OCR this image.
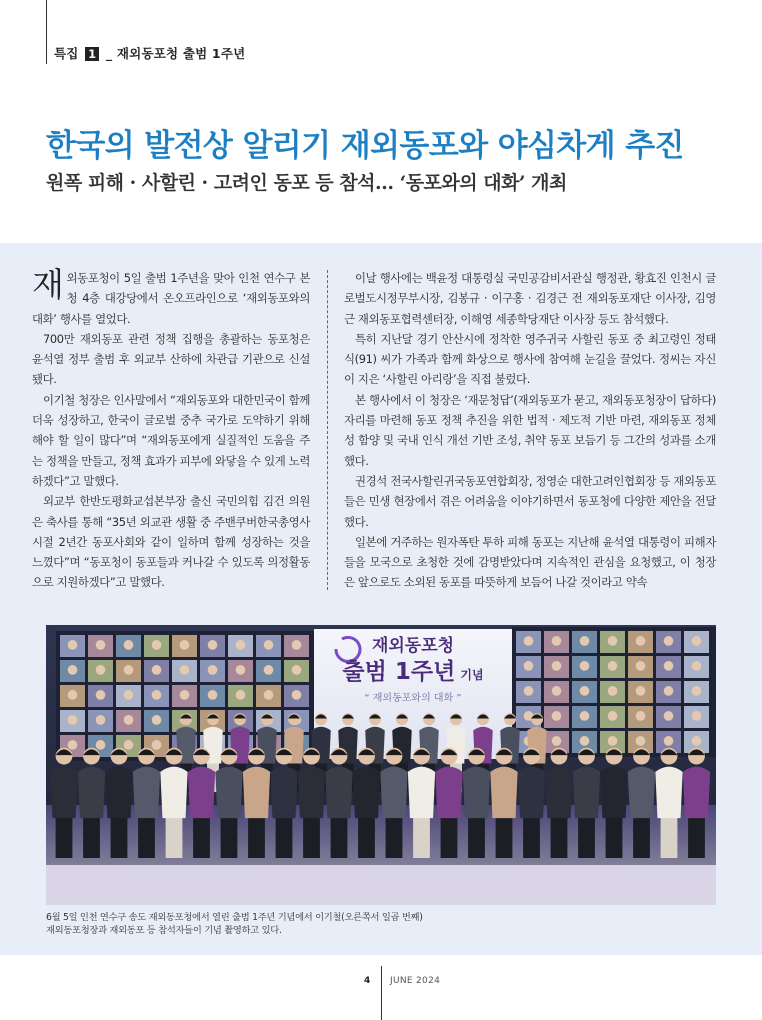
특집 1 _ 재외동포청 출범 1주년
한국의 발전상 알리기 재외동포와 야심차게 추진
원폭 피해 · 사할린 · 고려인 동포 등 참석… ‘동포와의 대화’ 개최

재외동포청이 5일 출범 1주년을 맞아 인천 연수구 본청 4층 대강당에서 온오프라인으로 ‘재외동포와의 대화’ 행사를 열었다.

700만 재외동포 관련 정책 집행을 총괄하는 동포청은 윤석열 정부 출범 후 외교부 산하에 차관급 기관으로 신설됐다.

이기철 청장은 인사말에서 “재외동포와 대한민국이 함께 더욱 성장하고, 한국이 글로벌 중추 국가로 도약하기 위해 해야 할 일이 많다”며 “재외동포에게 실질적인 도움을 주는 정책을 만들고, 정책 효과가 피부에 와닿을 수 있게 노력하겠다”고 말했다.

외교부 한반도평화교섭본부장 출신 국민의힘 김건 의원은 축사를 통해 “35년 외교관 생활 중 주밴쿠버한국총영사 시절 2년간 동포사회와 같이 일하며 함께 성장하는 것을 느꼈다”며 “동포청이 동포들과 커나갈 수 있도록 의정활동으로 지원하겠다”고 말했다.

이날 행사에는 백윤정 대통령실 국민공감비서관실 행정관, 황효진 인천시 글로벌도시정무부시장, 김봉규 · 이구홍 · 김경근 전 재외동포재단 이사장, 김영근 재외동포협력센터장, 이해영 세종학당재단 이사장 등도 참석했다.

특히 지난달 경기 안산시에 정착한 영주귀국 사할린 동포 중 최고령인 정태식(91) 씨가 가족과 함께 화상으로 행사에 참여해 눈길을 끌었다. 정씨는 자신이 지은 ‘사할린 아리랑’을 직접 불렀다.

본 행사에서 이 청장은 ‘재문청답’(재외동포가 묻고, 재외동포청장이 답하다) 자리를 마련해 동포 정책 추진을 위한 법적 · 제도적 기반 마련, 재외동포 정체성 함양 및 국내 인식 개선 기반 조성, 취약 동포 보듬기 등 그간의 성과를 소개했다.

권경석 전국사할린귀국동포연합회장, 정영순 대한고려인협회장 등 재외동포들은 민생 현장에서 겪은 어려움을 이야기하면서 동포청에 다양한 제안을 전달했다.

일본에 거주하는 원자폭탄 투하 피해 동포는 지난해 윤석열 대통령이 피해자들을 모국으로 초청한 것에 감명받았다며 지속적인 관심을 요청했고, 이 청장은 앞으로도 소외된 동포를 따뜻하게 보듬어 나갈 것이라고 약속

재외동포청
출범 1주년 기념
“ 재외동포와의 대화 ”
6월 5일 인천 연수구 송도 재외동포청에서 열린 출범 1주년 기념에서 이기철(오른쪽서 일곱 번째)
재외동포청장과 재외동포 등 참석자들이 기념 촬영하고 있다.
4 JUNE 2024
